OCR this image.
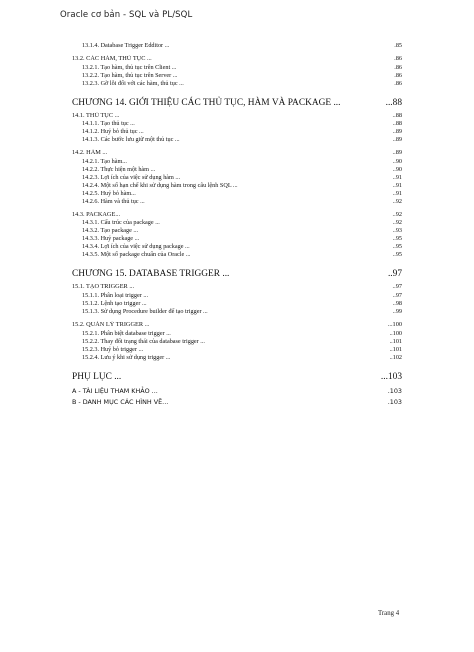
Oracle cơ bản - SQL và PL/SQL
13.1.4. Database Trigger Edditor ...	.85
13.2. CÁC HÀM, THỦ TỤC ...	.86
13.2.1. Tạo hàm, thủ tục trên Client ...	.86
13.2.2. Tạo hàm, thủ tục trên Server ...	.86
13.2.3. Gỡ lỗi đối với các hàm, thủ tục ...	.86
CHƯƠNG 14. GIỚI THIỆU CÁC THỦ TỤC, HÀM VÀ PACKAGE ...	...88
14.1. THỦ TỤC ...	..88
14.1.1. Tạo thủ tục ...	..88
14.1.2. Huỷ bỏ thủ tục ...	..89
14.1.3. Các bước lưu giữ một thủ tục ...	..89
14.2. HÀM ...	..89
14.2.1. Tạo hàm...	..90
14.2.2. Thực hiện một hàm ...	..90
14.2.3. Lợi ích của việc sử dụng hàm ...	..91
14.2.4. Một số hạn chế khi sử dụng hàm trong câu lệnh SQL ...	..91
14.2.5. Huỷ bỏ hàm...	..91
14.2.6. Hàm và thủ tục ...	..92
14.3. PACKAGE...	..92
14.3.1. Cấu trúc của package ...	..92
14.3.2. Tạo package ...	..93
14.3.3. Huỷ package ...	..95
14.3.4. Lợi ích của việc sử dụng package ...	..95
14.3.5. Một số package chuẩn của Oracle ...	..95
CHƯƠNG 15. DATABASE TRIGGER ...	..97
15.1. TẠO TRIGGER ...	..97
15.1.1. Phân loại trigger ...	..97
15.1.2. Lệnh tạo trigger ...	..98
15.1.3. Sử dụng Procedure builder để tạo trigger ...	..99
15.2. QUẢN LÝ TRIGGER ...	...100
15.2.1. Phân biệt database trigger ...	..100
15.2.2. Thay đổi trạng thái của database trigger ...	..101
15.2.3. Huỷ bỏ trigger ...	..101
15.2.4. Lưu ý khi sử dụng trigger ...	..102
PHỤ LỤC ...	...103
A - TÀI LIỆU THAM KHẢO ...	.103
B - DANH MỤC CÁC HÌNH VẼ...	.103
Trang 4
